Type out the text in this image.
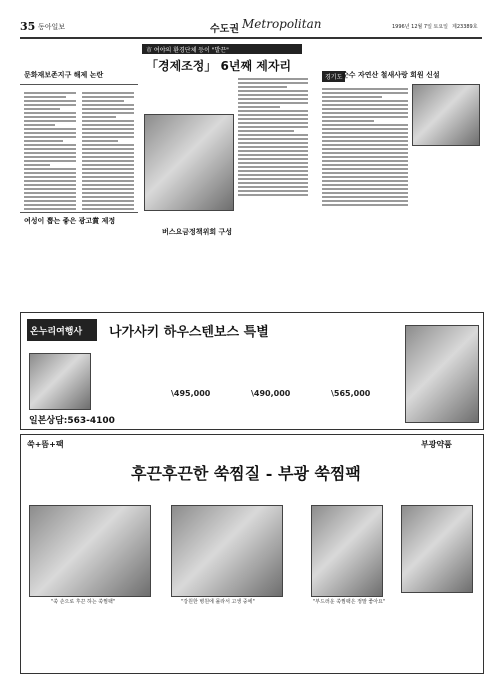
35 동아일보	수도권 Metropolitan	1996년 12월 7일 토요일 제23389호
문화재보존지구 해제 논란
여성이 뽑는 좋은 광고賞 제정
市 여야의 환경단체 등이 "발끈"
「경제조정」 6년째 제자리
버스요금정책위회 구성
경기도 순수 자연산 철새사랑 회원 신설
온누리여행사 나가사키 하우스텐보스 특별
\495,000	\490,000	\565,000
일본상담:563-4100
쑥+뜸+팩	부광약품
후끈후끈한 쑥찜질 - 부광 쑥찜팩
"쑥 손으로 후끈 하는 쑥찜팩"	"강원한 병원에 몰라서 고생 중에"	"부드러운 쑥찜팩은 정말 좋아요"
